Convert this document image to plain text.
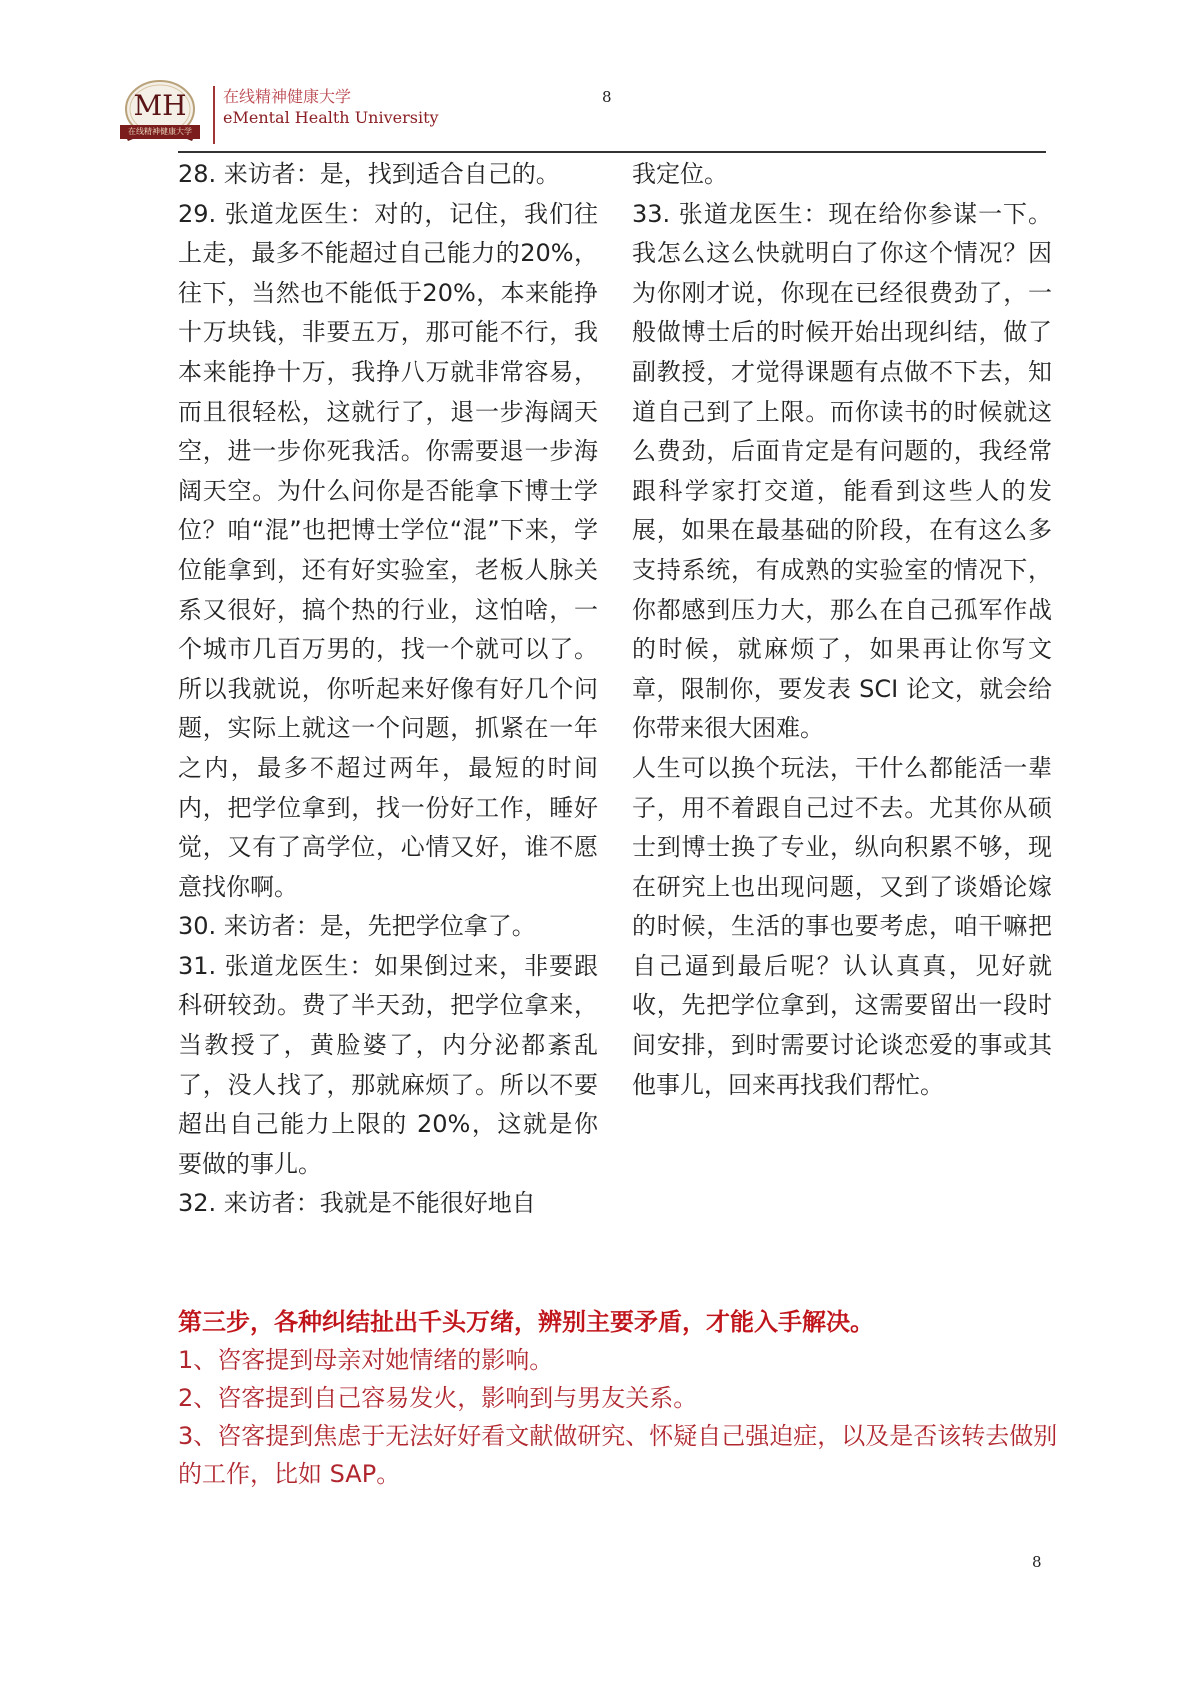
MH
在线精神健康大学
在线精神健康大学
eMental Health University
8

28. 来访者：是，找到适合自己的。

29. 张道龙医生：对的，记住，我们往上走，最多不能超过自己能力的20%，往下，当然也不能低于20%，本来能挣十万块钱，非要五万，那可能不行，我本来能挣十万，我挣八万就非常容易，而且很轻松，这就行了，退一步海阔天空，进一步你死我活。你需要退一步海阔天空。为什么问你是否能拿下博士学位？咱“混”也把博士学位“混”下来，学位能拿到，还有好实验室，老板人脉关系又很好，搞个热的行业，这怕啥，一个城市几百万男的，找一个就可以了。所以我就说，你听起来好像有好几个问题，实际上就这一个问题，抓紧在一年之内，最多不超过两年，最短的时间内，把学位拿到，找一份好工作，睡好觉，又有了高学位，心情又好，谁不愿意找你啊。

30. 来访者：是，先把学位拿了。

31. 张道龙医生：如果倒过来，非要跟科研较劲。费了半天劲，把学位拿来，当教授了，黄脸婆了，内分泌都紊乱了，没人找了，那就麻烦了。所以不要超出自己能力上限的 20%，这就是你要做的事儿。

32. 来访者：我就是不能很好地自

我定位。

33. 张道龙医生：现在给你参谋一下。我怎么这么快就明白了你这个情况？因为你刚才说，你现在已经很费劲了，一般做博士后的时候开始出现纠结，做了副教授，才觉得课题有点做不下去，知道自己到了上限。而你读书的时候就这么费劲，后面肯定是有问题的，我经常跟科学家打交道，能看到这些人的发展，如果在最基础的阶段，在有这么多支持系统，有成熟的实验室的情况下，你都感到压力大，那么在自己孤军作战的时候，就麻烦了，如果再让你写文章，限制你，要发表 SCI 论文，就会给你带来很大困难。

人生可以换个玩法，干什么都能活一辈子，用不着跟自己过不去。尤其你从硕士到博士换了专业，纵向积累不够，现在研究上也出现问题，又到了谈婚论嫁的时候，生活的事也要考虑，咱干嘛把自己逼到最后呢？认认真真，见好就收，先把学位拿到，这需要留出一段时间安排，到时需要讨论谈恋爱的事或其他事儿，回来再找我们帮忙。

第三步，各种纠结扯出千头万绪，辨别主要矛盾，才能入手解决。

1、咨客提到母亲对她情绪的影响。

2、咨客提到自己容易发火，影响到与男友关系。

3、咨客提到焦虑于无法好好看文献做研究、怀疑自己强迫症，以及是否该转去做别的工作，比如 SAP。

8
